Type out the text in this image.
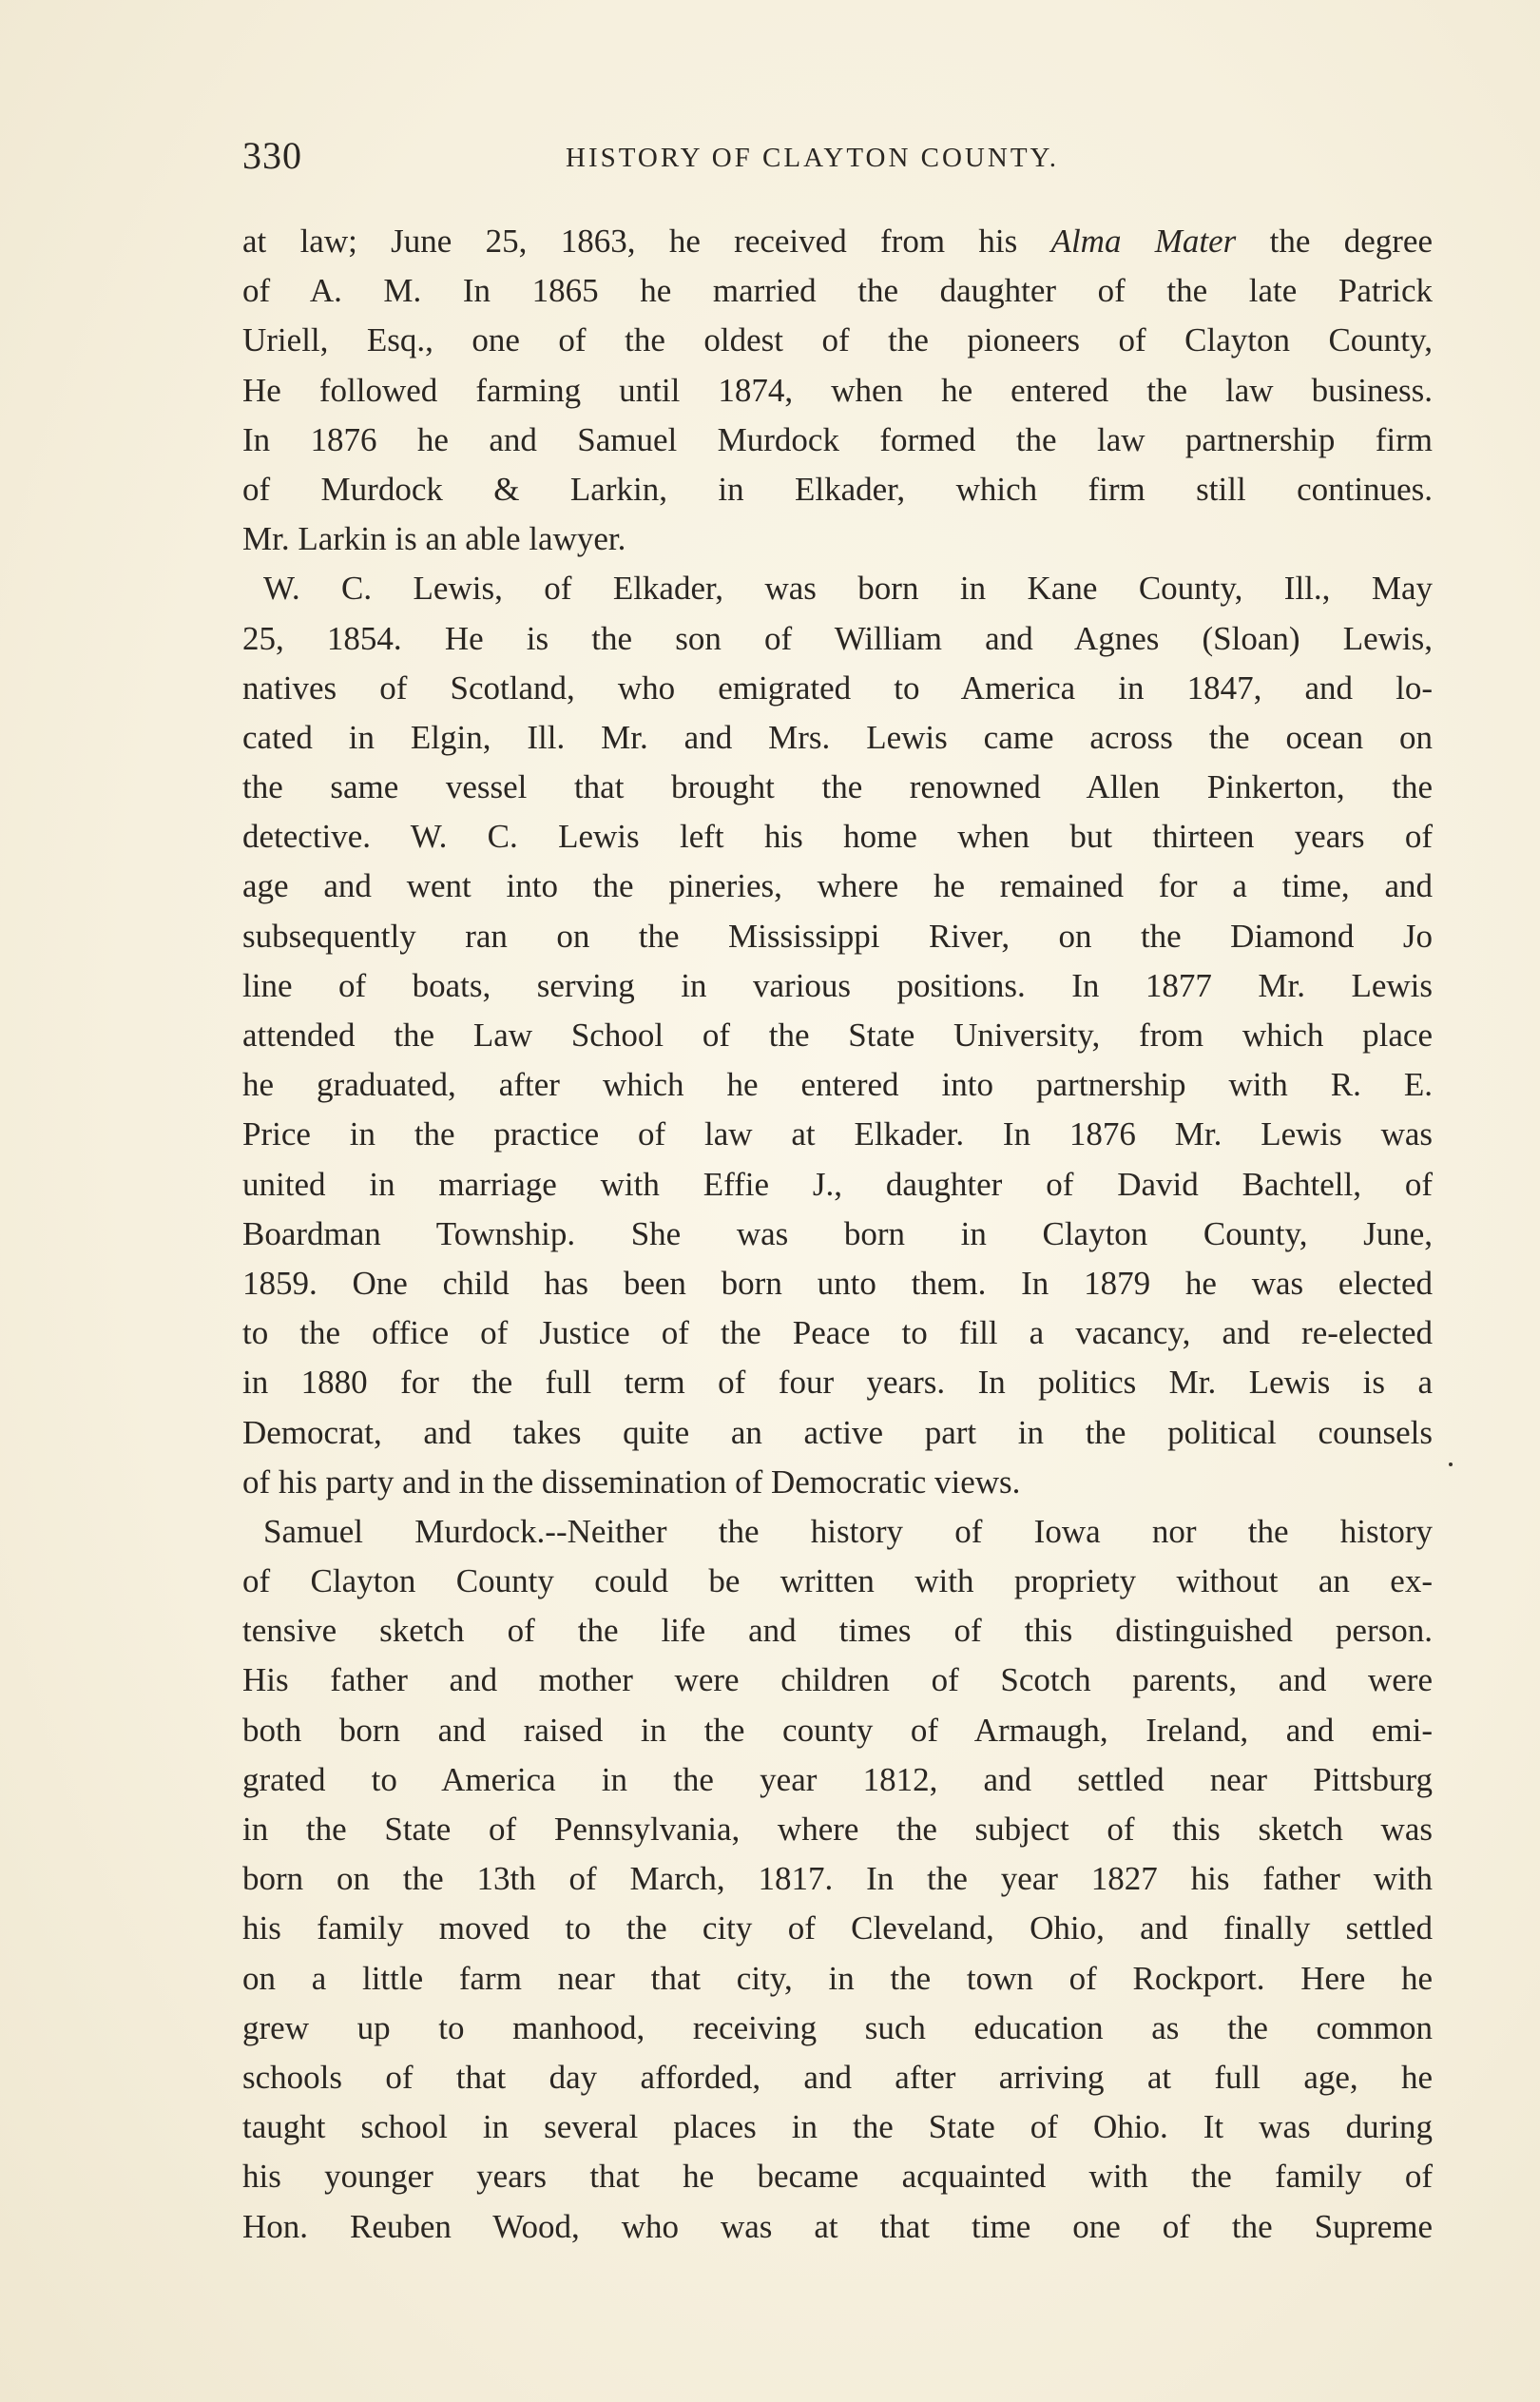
330	HISTORY OF CLAYTON COUNTY.
at law; June 25, 1863, he received from his Alma Mater the degree
of A. M. In 1865 he married the daughter of the late Patrick
Uriell, Esq., one of the oldest of the pioneers of Clayton County,
He followed farming until 1874, when he entered the law business.
In 1876 he and Samuel Murdock formed the law partnership firm
of Murdock & Larkin, in Elkader, which firm still continues.
Mr. Larkin is an able lawyer.
W. C. Lewis, of Elkader, was born in Kane County, Ill., May
25, 1854. He is the son of William and Agnes (Sloan) Lewis,
natives of Scotland, who emigrated to America in 1847, and lo-
cated in Elgin, Ill. Mr. and Mrs. Lewis came across the ocean on
the same vessel that brought the renowned Allen Pinkerton, the
detective. W. C. Lewis left his home when but thirteen years of
age and went into the pineries, where he remained for a time, and
subsequently ran on the Mississippi River, on the Diamond Jo
line of boats, serving in various positions. In 1877 Mr. Lewis
attended the Law School of the State University, from which place
he graduated, after which he entered into partnership with R. E.
Price in the practice of law at Elkader. In 1876 Mr. Lewis was
united in marriage with Effie J., daughter of David Bachtell, of
Boardman Township. She was born in Clayton County, June,
1859. One child has been born unto them. In 1879 he was elected
to the office of Justice of the Peace to fill a vacancy, and re-elected
in 1880 for the full term of four years. In politics Mr. Lewis is a
Democrat, and takes quite an active part in the political counsels
of his party and in the dissemination of Democratic views.
Samuel Murdock.--Neither the history of Iowa nor the history
of Clayton County could be written with propriety without an ex-
tensive sketch of the life and times of this distinguished person.
His father and mother were children of Scotch parents, and were
both born and raised in the county of Armaugh, Ireland, and emi-
grated to America in the year 1812, and settled near Pittsburg
in the State of Pennsylvania, where the subject of this sketch was
born on the 13th of March, 1817. In the year 1827 his father with
his family moved to the city of Cleveland, Ohio, and finally settled
on a little farm near that city, in the town of Rockport. Here he
grew up to manhood, receiving such education as the common
schools of that day afforded, and after arriving at full age, he
taught school in several places in the State of Ohio. It was during
his younger years that he became acquainted with the family of
Hon. Reuben Wood, who was at that time one of the Supreme
